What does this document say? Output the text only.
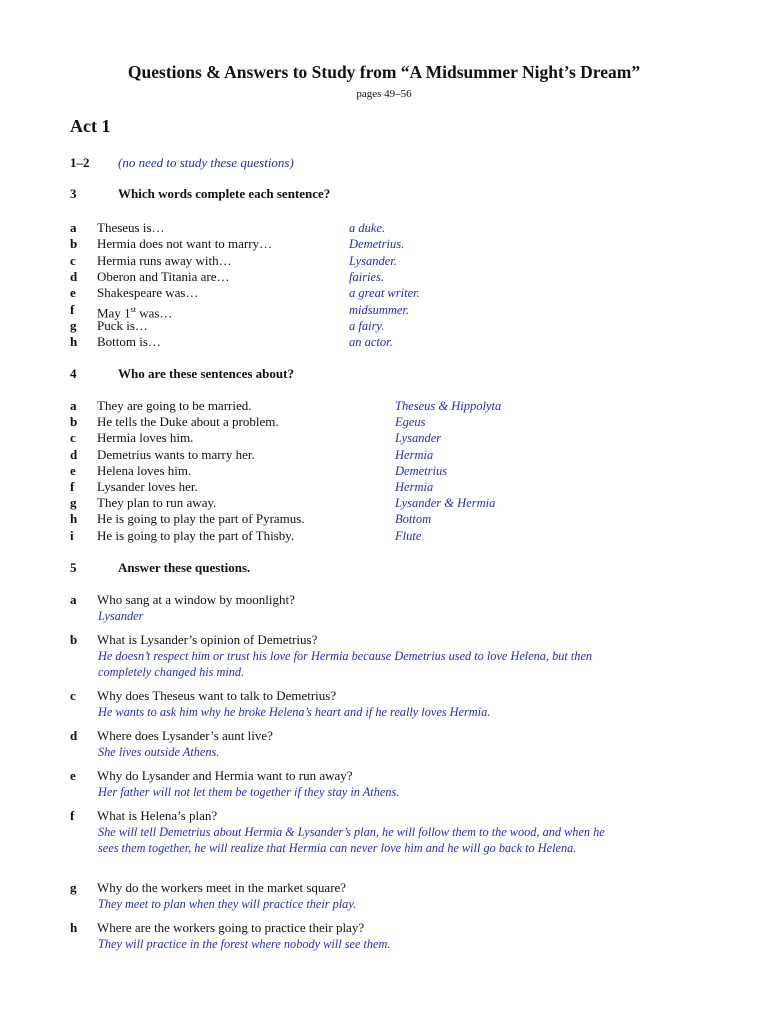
Questions & Answers to Study from “A Midsummer Night’s Dream”
pages 49–56
Act 1
1–2 (no need to study these questions)
3	Which words complete each sentence?
a Theseus is…	a duke.
b Hermia does not want to marry…	Demetrius.
c Hermia runs away with…	Lysander.
d Oberon and Titania are…	fairies.
e Shakespeare was…	a great writer.
f May 1st was…	midsummer.
g Puck is…	a fairy.
h Bottom is…	an actor.
4	Who are these sentences about?
a They are going to be married.	Theseus & Hippolyta
b He tells the Duke about a problem.	Egeus
c Hermia loves him.	Lysander
d Demetrius wants to marry her.	Hermia
e Helena loves him.	Demetrius
f Lysander loves her.	Hermia
g They plan to run away.	Lysander & Hermia
h He is going to play the part of Pyramus.	Bottom
i He is going to play the part of Thisby.	Flute
5	Answer these questions.
a Who sang at a window by moonlight?
Lysander
b What is Lysander’s opinion of Demetrius?
He doesn’t respect him or trust his love for Hermia because Demetrius used to love Helena, but then
completely changed his mind.
c Why does Theseus want to talk to Demetrius?
He wants to ask him why he broke Helena’s heart and if he really loves Hermia.
d Where does Lysander’s aunt live?
She lives outside Athens.
e Why do Lysander and Hermia want to run away?
Her father will not let them be together if they stay in Athens.
f What is Helena’s plan?
She will tell Demetrius about Hermia & Lysander’s plan, he will follow them to the wood, and when he
sees them together, he will realize that Hermia can never love him and he will go back to Helena.
g Why do the workers meet in the market square?
They meet to plan when they will practice their play.
h Where are the workers going to practice their play?
They will practice in the forest where nobody will see them.
